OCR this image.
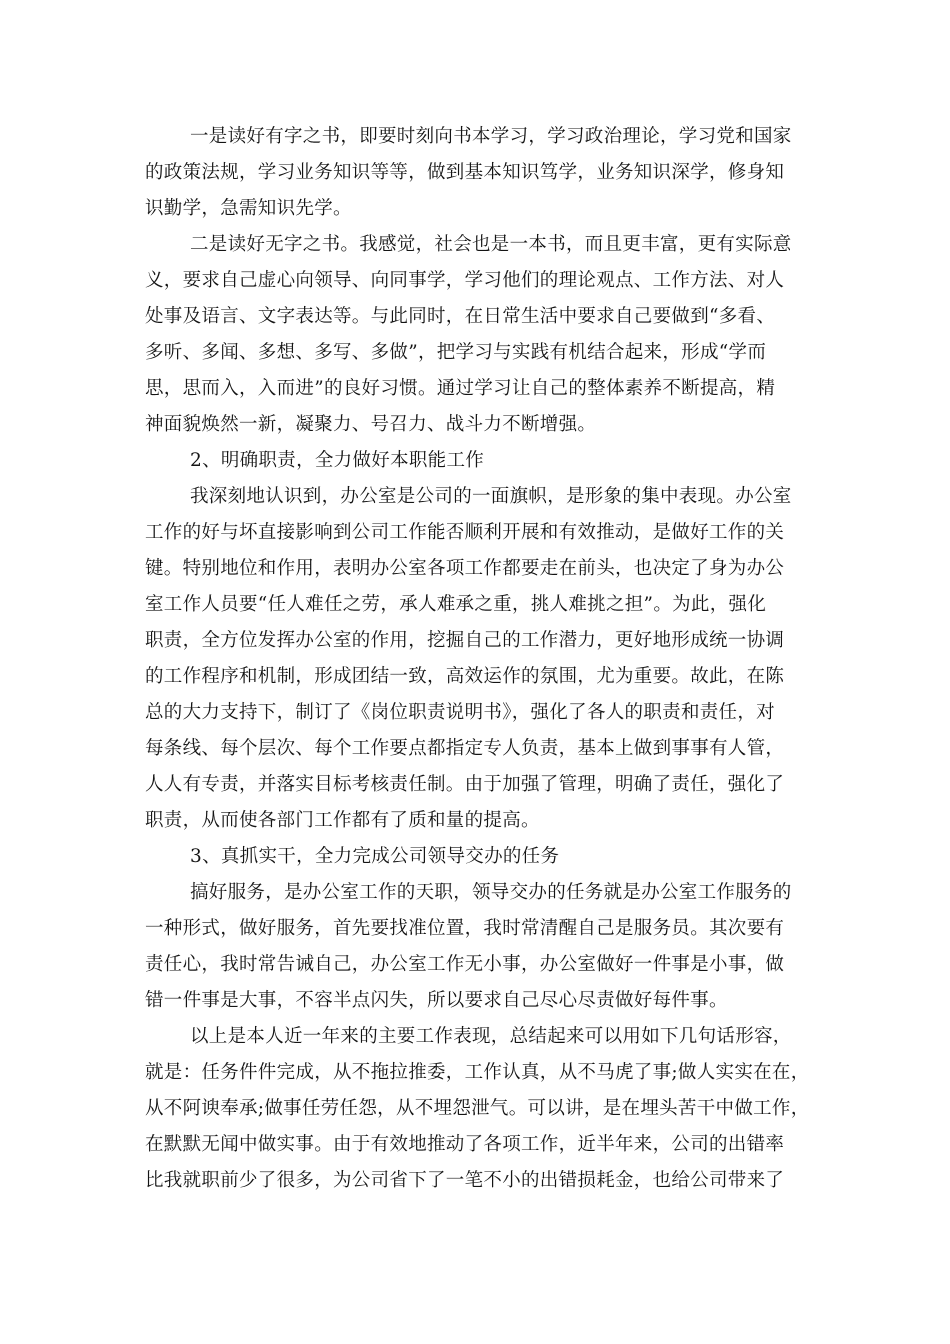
一是读好有字之书，即要时刻向书本学习，学习政治理论，学习党和国家
的政策法规，学习业务知识等等，做到基本知识笃学，业务知识深学，修身知
识勤学，急需知识先学。
二是读好无字之书。我感觉，社会也是一本书，而且更丰富，更有实际意
义，要求自己虚心向领导、向同事学，学习他们的理论观点、工作方法、对人
处事及语言、文字表达等。与此同时，在日常生活中要求自己要做到“多看、
多听、多闻、多想、多写、多做”，把学习与实践有机结合起来，形成“学而
思，思而入，入而进”的良好习惯。通过学习让自己的整体素养不断提高，精
神面貌焕然一新，凝聚力、号召力、战斗力不断增强。
2、明确职责，全力做好本职能工作
我深刻地认识到，办公室是公司的一面旗帜，是形象的集中表现。办公室
工作的好与坏直接影响到公司工作能否顺利开展和有效推动，是做好工作的关
键。特别地位和作用，表明办公室各项工作都要走在前头，也决定了身为办公
室工作人员要“任人难任之劳，承人难承之重，挑人难挑之担”。为此，强化
职责，全方位发挥办公室的作用，挖掘自己的工作潜力，更好地形成统一协调
的工作程序和机制，形成团结一致，高效运作的氛围，尤为重要。故此，在陈
总的大力支持下，制订了《岗位职责说明书》，强化了各人的职责和责任，对
每条线、每个层次、每个工作要点都指定专人负责，基本上做到事事有人管，
人人有专责，并落实目标考核责任制。由于加强了管理，明确了责任，强化了
职责，从而使各部门工作都有了质和量的提高。
3、真抓实干，全力完成公司领导交办的任务
搞好服务，是办公室工作的天职，领导交办的任务就是办公室工作服务的
一种形式，做好服务，首先要找准位置，我时常清醒自己是服务员。其次要有
责任心，我时常告诫自己，办公室工作无小事，办公室做好一件事是小事，做
错一件事是大事，不容半点闪失，所以要求自己尽心尽责做好每件事。
以上是本人近一年来的主要工作表现，总结起来可以用如下几句话形容，
就是：任务件件完成，从不拖拉推委，工作认真，从不马虎了事;做人实实在在，
从不阿谀奉承;做事任劳任怨，从不埋怨泄气。可以讲，是在埋头苦干中做工作，
在默默无闻中做实事。由于有效地推动了各项工作，近半年来，公司的出错率
比我就职前少了很多，为公司省下了一笔不小的出错损耗金，也给公司带来了
